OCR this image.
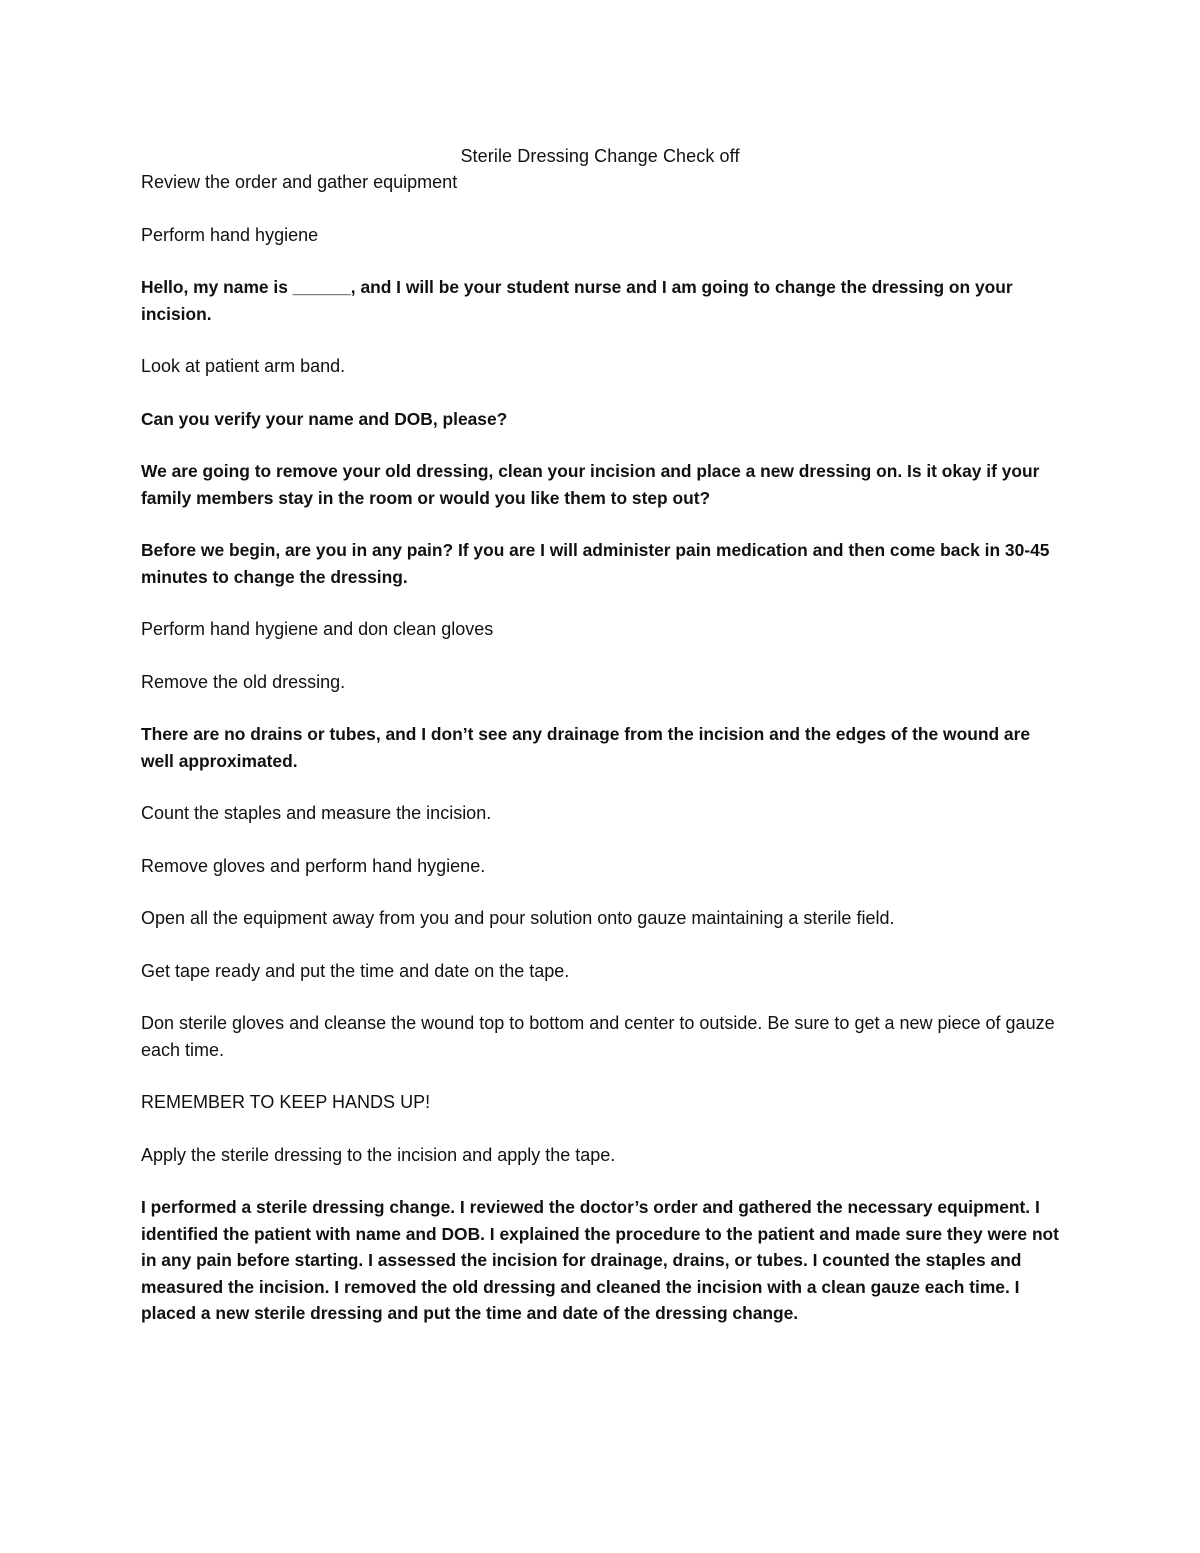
Sterile Dressing Change Check off

Review the order and gather equipment

Perform hand hygiene

Hello, my name is ______, and I will be your student nurse and I am going to change the dressing on your incision.

Look at patient arm band.

Can you verify your name and DOB, please?

We are going to remove your old dressing, clean your incision and place a new dressing on. Is it okay if your family members stay in the room or would you like them to step out?

Before we begin, are you in any pain? If you are I will administer pain medication and then come back in 30-45 minutes to change the dressing.

Perform hand hygiene and don clean gloves

Remove the old dressing.

There are no drains or tubes, and I don’t see any drainage from the incision and the edges of the wound are well approximated.

Count the staples and measure the incision.

Remove gloves and perform hand hygiene.

Open all the equipment away from you and pour solution onto gauze maintaining a sterile field.

Get tape ready and put the time and date on the tape.

Don sterile gloves and cleanse the wound top to bottom and center to outside. Be sure to get a new piece of gauze each time.

REMEMBER TO KEEP HANDS UP!

Apply the sterile dressing to the incision and apply the tape.

I performed a sterile dressing change. I reviewed the doctor’s order and gathered the necessary equipment. I identified the patient with name and DOB. I explained the procedure to the patient and made sure they were not in any pain before starting. I assessed the incision for drainage, drains, or tubes. I counted the staples and measured the incision. I removed the old dressing and cleaned the incision with a clean gauze each time. I placed a new sterile dressing and put the time and date of the dressing change.
